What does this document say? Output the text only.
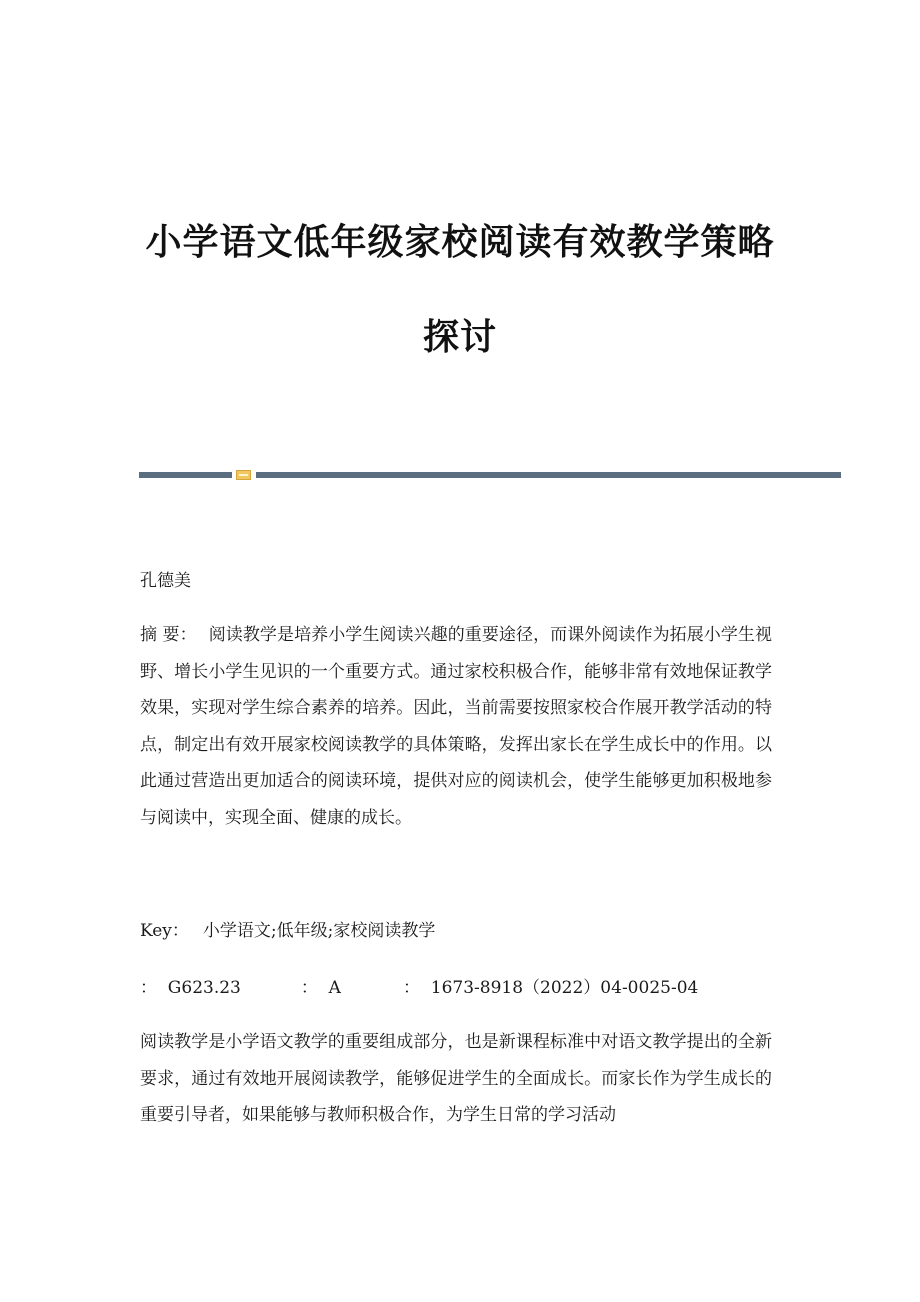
小学语文低年级家校阅读有效教学策略
探讨

孔德美

摘 要： 阅读教学是培养小学生阅读兴趣的重要途径，而课外阅读作为拓展小学生视野、增长小学生见识的一个重要方式。通过家校积极合作，能够非常有效地保证教学效果，实现对学生综合素养的培养。因此，当前需要按照家校合作展开教学活动的特点，制定出有效开展家校阅读教学的具体策略，发挥出家长在学生成长中的作用。以此通过营造出更加适合的阅读环境，提供对应的阅读机会，使学生能够更加积极地参与阅读中，实现全面、健康的成长。

Key： 小学语文;低年级;家校阅读教学

：  G623.23	：  A	：  1673-8918（2022）04-0025-04

阅读教学是小学语文教学的重要组成部分，也是新课程标准中对语文教学提出的全新要求，通过有效地开展阅读教学，能够促进学生的全面成长。而家长作为学生成长的重要引导者，如果能够与教师积极合作，为学生日常的学习活动
